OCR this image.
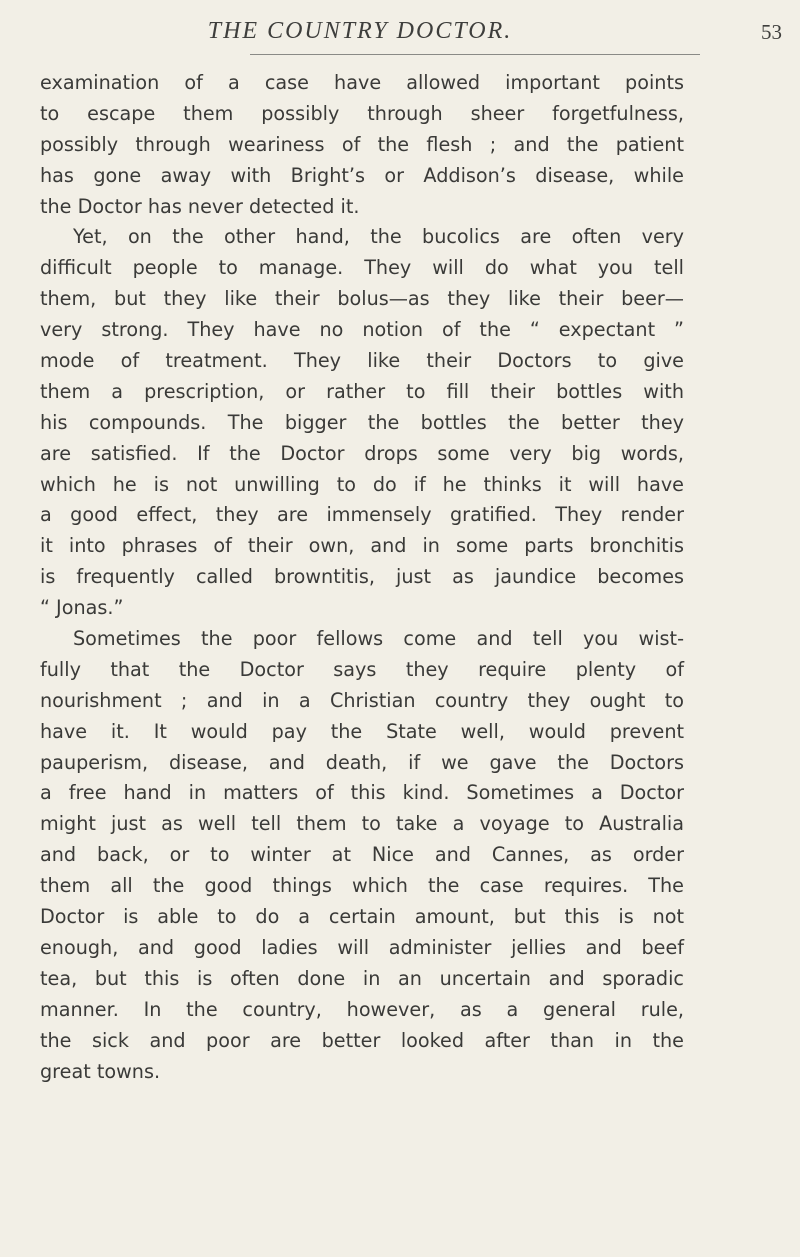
THE COUNTRY DOCTOR.	53
examination of a case have allowed important points
to escape them possibly through sheer forgetfulness,
possibly through weariness of the flesh ; and the patient
has gone away with Bright’s or Addison’s disease, while
the Doctor has never detected it.
Yet, on the other hand, the bucolics are often very
difficult people to manage. They will do what you tell
them, but they like their bolus—as they like their beer—
very strong. They have no notion of the “ expectant ”
mode of treatment. They like their Doctors to give
them a prescription, or rather to fill their bottles with
his compounds. The bigger the bottles the better they
are satisfied. If the Doctor drops some very big words,
which he is not unwilling to do if he thinks it will have
a good effect, they are immensely gratified. They render
it into phrases of their own, and in some parts bronchitis
is frequently called browntitis, just as jaundice becomes
“ Jonas.”
Sometimes the poor fellows come and tell you wist-
fully that the Doctor says they require plenty of
nourishment ; and in a Christian country they ought to
have it. It would pay the State well, would prevent
pauperism, disease, and death, if we gave the Doctors
a free hand in matters of this kind. Sometimes a Doctor
might just as well tell them to take a voyage to Australia
and back, or to winter at Nice and Cannes, as order
them all the good things which the case requires. The
Doctor is able to do a certain amount, but this is not
enough, and good ladies will administer jellies and beef
tea, but this is often done in an uncertain and sporadic
manner. In the country, however, as a general rule,
the sick and poor are better looked after than in the
great towns.
